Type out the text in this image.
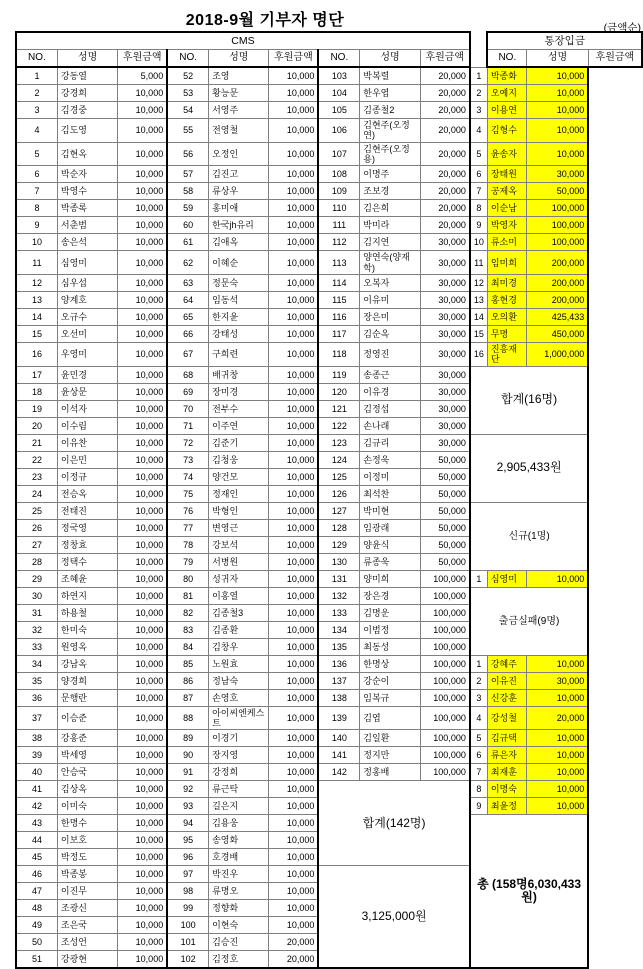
2018-9월 기부자 명단	(금액순)
CMS										통장입금		
NO.	성명	후원금액	NO.	성명	후원금액	NO.	성명	후원금액		NO.	성명	후원금액
1	강동열	5,000	52	조영	10,000	103	박복렬	20,000	1	박종화	10,000	
2	강경희	10,000	53	황능문	10,000	104	한우엽	20,000	2	오예지	10,000	
3	김경중	10,000	54	서영주	10,000	105	김종철2	20,000	3	이용연	10,000	
4	김도영	10,000	55	전영철	10,000	106	김현주(오정연)	20,000	4	김형수	10,000	
5	김현옥	10,000	56	오정인	10,000	107	김현주(오정용)	20,000	5	윤송자	10,000	
6	박순자	10,000	57	김진고	10,000	108	이명주	20,000	6	장태원	30,000	
7	박영수	10,000	58	류상우	10,000	109	조보경	20,000	7	공제옥	50,000	
8	박종록	10,000	59	홍미애	10,000	110	김은희	20,000	8	이순남	100,000	
9	서춘범	10,000	60	한국jh유리	10,000	111	박미라	20,000	9	박영자	100,000	
10	송은석	10,000	61	김애옥	10,000	112	김지연	30,000	10	류소미	100,000	
11	심영미	10,000	62	이혜순	10,000	113	양연숙(양재학)	30,000	11	임미희	200,000	
12	심우섭	10,000	63	정문숙	10,000	114	오복자	30,000	12	최미경	200,000	
13	양계호	10,000	64	임동석	10,000	115	이유미	30,000	13	홍현경	200,000	
14	오규수	10,000	65	한지윤	10,000	116	장은미	30,000	14	오의환	425,433	
15	오선미	10,000	66	강태성	10,000	117	김순옥	30,000	15	무명	450,000	
16	우영미	10,000	67	구희련	10,000	118	정영진	30,000	16	진흥재단	1,000,000	
17	윤민경	10,000	68	배귀창	10,000	119	송종근	30,000	합계(16명)			
18	윤상문	10,000	69	장미경	10,000	120	이유경	30,000				
19	이석자	10,000	70	전부수	10,000	121	김정섭	30,000				
20	이수림	10,000	71	이주연	10,000	122	손나래	30,000				
21	이유찬	10,000	72	김준기	10,000	123	김규리	30,000	2,905,433원			
22	이은민	10,000	73	김청웅	10,000	124	손정욱	50,000				
23	이정규	10,000	74	양건모	10,000	125	이정미	50,000				
24	전승옥	10,000	75	정재인	10,000	126	최석찬	50,000				
25	전태진	10,000	76	박형인	10,000	127	박미현	50,000	신규(1명)			
26	정국영	10,000	77	변영근	10,000	128	임광래	50,000				
27	정창효	10,000	78	강보석	10,000	129	양윤식	50,000				
28	정택수	10,000	79	서병원	10,000	130	류종욱	50,000				
29	조혜윤	10,000	80	성귀자	10,000	131	양미희	100,000	1	심영미	10,000	
30	하연지	10,000	81	이홍열	10,000	132	장은경	100,000	출금실패(9명)			
31	하용철	10,000	82	김종철3	10,000	133	김명운	100,000				
32	한미숙	10,000	83	김종환	10,000	134	이범정	100,000				
33	원영옥	10,000	84	김창우	10,000	135	최동성	100,000				
34	강남옥	10,000	85	노원효	10,000	136	한명상	100,000	1	강혜주	10,000	
35	양경희	10,000	86	정남숙	10,000	137	강순이	100,000	2	이유진	30,000	
36	문행란	10,000	87	손영호	10,000	138	임복규	100,000	3	신강훈	10,000	
37	이승준	10,000	88	아이씨엔케스트	10,000	139	김엽	100,000	4	강성철	20,000	
38	강홍준	10,000	89	이경기	10,000	140	김일환	100,000	5	김규택	10,000	
39	박세영	10,000	90	장지영	10,000	141	정지만	100,000	6	류은자	10,000	
40	안승국	10,000	91	강정희	10,000	142	정홍배	100,000	7	최재훈	10,000	
41	김상옥	10,000	92	류근탁	10,000	합계(142명)			8	이명숙	10,000	
42	이미숙	10,000	93	길은지	10,000				9	최윤정	10,000	
43	한명수	10,000	94	김용웅	10,000				총 (158명6,030,433원)			
44	이보호	10,000	95	송영화	10,000							
45	박정도	10,000	96	호경배	10,000							
46	박종봉	10,000	97	박진우	10,000	3,125,000원						
47	이진무	10,000	98	류명오	10,000							
48	조광신	10,000	99	정향화	10,000							
49	조은국	10,000	100	이현숙	10,000							
50	조성언	10,000	101	김승진	20,000							
51	강광현	10,000	102	김정호	20,000							
